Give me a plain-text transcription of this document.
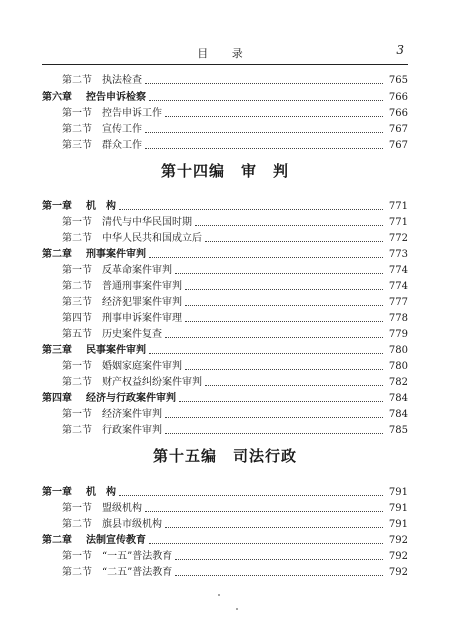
目 录	3
第二节 执法检查	765
第六章 控告申诉检察	766
第一节 控告申诉工作	766
第二节 宣传工作	767
第三节 群众工作	767
第十四编　审　判
第一章 机　构	771
第一节 清代与中华民国时期	771
第二节 中华人民共和国成立后	772
第二章 刑事案件审判	773
第一节 反革命案件审判	774
第二节 普通刑事案件审判	774
第三节 经济犯罪案件审判	777
第四节 刑事申诉案件审理	778
第五节 历史案件复查	779
第三章 民事案件审判	780
第一节 婚姻家庭案件审判	780
第二节 财产权益纠纷案件审判	782
第四章 经济与行政案件审判	784
第一节 经济案件审判	784
第二节 行政案件审判	785
第十五编　司法行政
第一章 机　构	791
第一节 盟级机构	791
第二节 旗县市级机构	791
第二章 法制宣传教育	792
第一节 “一五”普法教育	792
第二节 “二五”普法教育	792
